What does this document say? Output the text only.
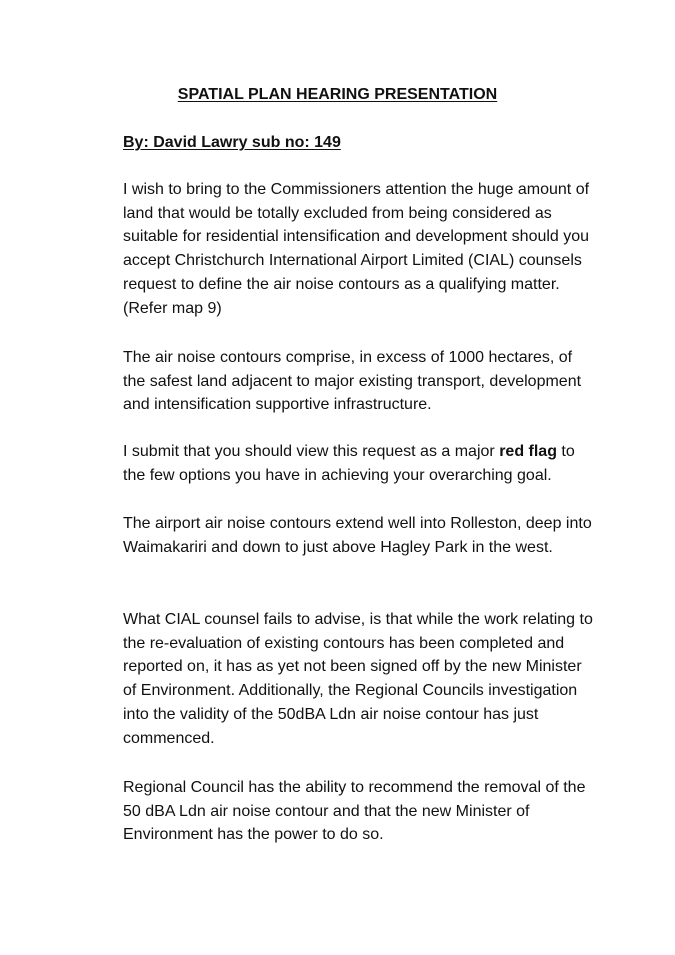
SPATIAL PLAN HEARING PRESENTATION
By: David Lawry sub no: 149

I wish to bring to the Commissioners attention the huge amount of land that would be totally excluded from being considered as suitable for residential intensification and development should you accept Christchurch International Airport Limited (CIAL) counsels request to define the air noise contours as a qualifying matter. (Refer map 9)

The air noise contours comprise, in excess of 1000 hectares, of the safest land adjacent to major existing transport, development and intensification supportive infrastructure.

I submit that you should view this request as a major red flag to the few options you have in achieving your overarching goal.

The airport air noise contours extend well into Rolleston, deep into Waimakariri and down to just above Hagley Park in the west.

What CIAL counsel fails to advise, is that while the work relating to the re-evaluation of existing contours has been completed and reported on, it has as yet not been signed off by the new Minister of Environment. Additionally, the Regional Councils investigation into the validity of the 50dBA Ldn air noise contour has just commenced.

Regional Council has the ability to recommend the removal of the 50 dBA Ldn air noise contour and that the new Minister of Environment has the power to do so.
